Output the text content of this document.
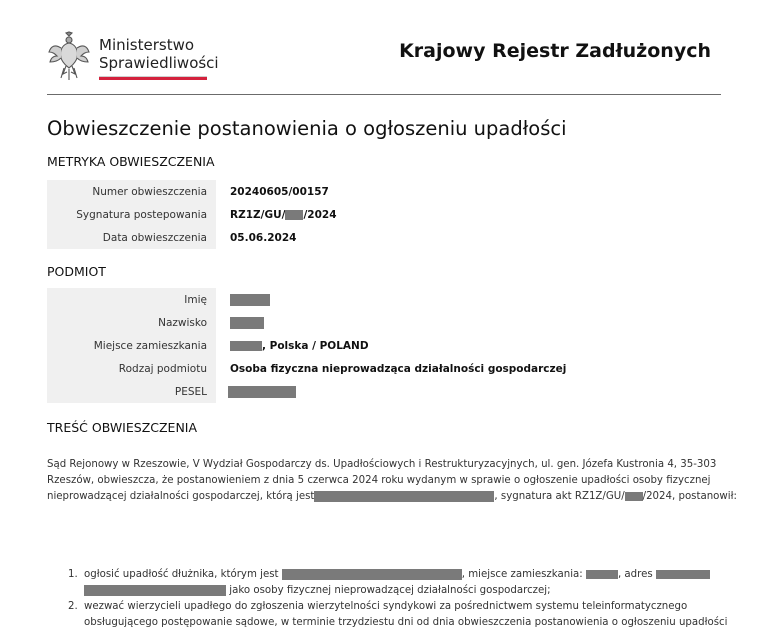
Ministerstwo
Sprawiedliwości
Krajowy Rejestr Zadłużonych
Obwieszczenie postanowienia o ogłoszeniu upadłości
METRYKA OBWIESZCZENIA
Numer obwieszczenia	20240605/00157
Sygnatura postepowania	RZ1Z/GU/ /2024
Data obwieszczenia	05.06.2024
PODMIOT
Imię	
Nazwisko	
Miejsce zamieszkania	, Polska / POLAND
Rodzaj podmiotu	Osoba fizyczna nieprowadząca działalności gospodarczej
PESEL	
TREŚĆ OBWIESZCZENIA
Sąd Rejonowy w Rzeszowie, V Wydział Gospodarczy ds. Upadłościowych i Restrukturyzacyjnych, ul. gen. Józefa Kustronia 4, 35-303
Rzeszów, obwieszcza, że postanowieniem z dnia 5 czerwca 2024 roku wydanym w sprawie o ogłoszenie upadłości osoby fizycznej
nieprowadzącej działalności gospodarczej, którą jest	, sygnatura akt RZ1Z/GU/ /2024, postanowił:
1. ogłosić upadłość dłużnika, którym jest	, miejsce zamieszkania:	, adres
jako osoby fizycznej nieprowadzącej działalności gospodarczej;
2. wezwać wierzycieli upadłego do zgłoszenia wierzytelności syndykowi za pośrednictwem systemu teleinformatycznego
obsługującego postępowanie sądowe, w terminie trzydziestu dni od dnia obwieszczenia postanowienia o ogłoszeniu upadłości
